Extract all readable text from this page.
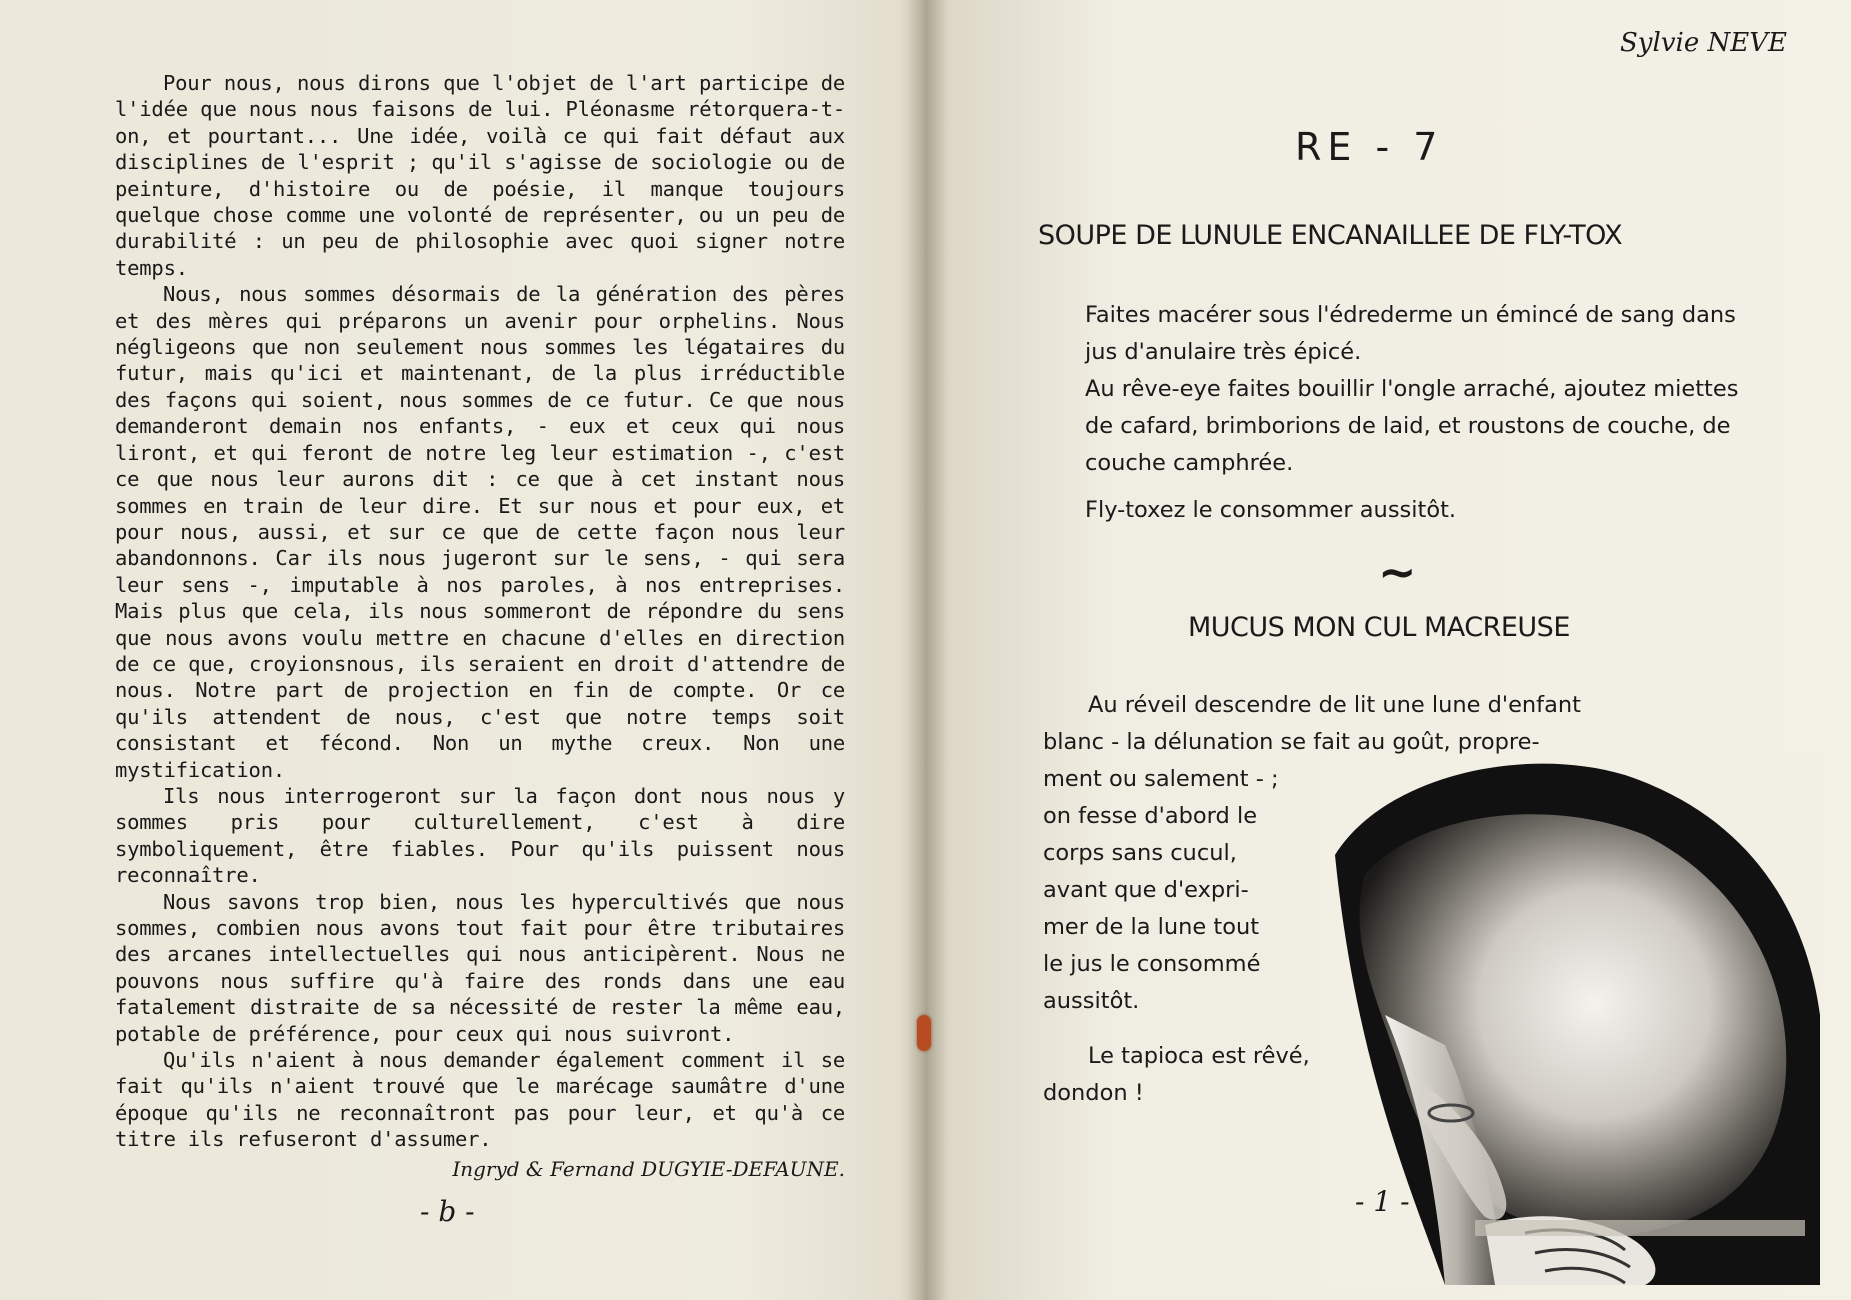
Pour nous, nous dirons que l'objet de l'art participe de l'idée que nous nous faisons de lui. Pléonasme rétorquera-t-on, et pourtant... Une idée, voilà ce qui fait défaut aux disciplines de l'esprit ; qu'il s'agisse de sociologie ou de peinture, d'histoire ou de poésie, il manque toujours quelque chose comme une volonté de représenter, ou un peu de durabilité : un peu de philosophie avec quoi signer notre temps.

Nous, nous sommes désormais de la génération des pères et des mères qui préparons un avenir pour orphelins. Nous négligeons que non seulement nous sommes les légataires du futur, mais qu'ici et maintenant, de la plus irréductible des façons qui soient, nous sommes de ce futur. Ce que nous demanderont demain nos enfants, - eux et ceux qui nous liront, et qui feront de notre leg leur estimation -, c'est ce que nous leur aurons dit : ce que à cet instant nous sommes en train de leur dire. Et sur nous et pour eux, et pour nous, aussi, et sur ce que de cette façon nous leur abandonnons. Car ils nous jugeront sur le sens, - qui sera leur sens -, imputable à nos paroles, à nos entreprises. Mais plus que cela, ils nous sommeront de répondre du sens que nous avons voulu mettre en chacune d'elles en direction de ce que, croyionsnous, ils seraient en droit d'attendre de nous. Notre part de projection en fin de compte. Or ce qu'ils attendent de nous, c'est que notre temps soit consistant et fécond. Non un mythe creux. Non une mystification.

Ils nous interrogeront sur la façon dont nous nous y sommes pris pour culturellement, c'est à dire symboliquement, être fiables. Pour qu'ils puissent nous reconnaître.

Nous savons trop bien, nous les hypercultivés que nous sommes, combien nous avons tout fait pour être tributaires des arcanes intellectuelles qui nous anticipèrent. Nous ne pouvons nous suffire qu'à faire des ronds dans une eau fatalement distraite de sa nécessité de rester la même eau, potable de préférence, pour ceux qui nous suivront.

Qu'ils n'aient à nous demander également comment il se fait qu'ils n'aient trouvé que le marécage saumâtre d'une époque qu'ils ne reconnaîtront pas pour leur, et qu'à ce titre ils refuseront d'assumer.

Ingryd & Fernand DUGYIE-DEFAUNE.
- b -
Sylvie NEVE
RE - 7
SOUPE DE LUNULE ENCANAILLEE DE FLY-TOX

Faites macérer sous l'édrederme un émincé de sang dans jus d'anulaire très épicé.

Au rêve-eye faites bouillir l'ongle arraché, ajoutez miettes de cafard, brimborions de laid, et roustons de couche, de couche camphrée.

Fly-toxez le consommer aussitôt.

~
MUCUS MON CUL MACREUSE
Au réveil descendre de lit une lune d'enfant
blanc - la délunation se fait au goût, propre-
ment ou salement - ;
on fesse d'abord le
corps sans cucul,
avant que d'expri-
mer de la lune tout
le jus le consommé
aussitôt.
Le tapioca est rêvé,
dondon !
- 1 -
